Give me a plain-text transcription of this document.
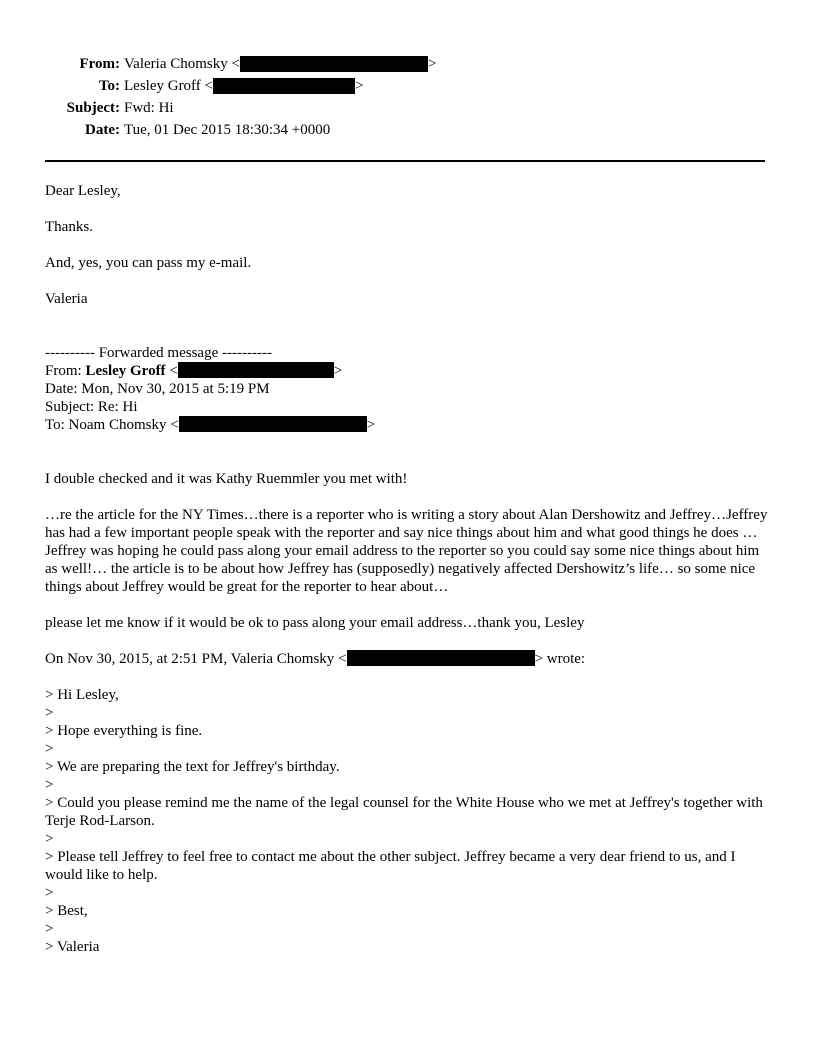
From: Valeria Chomsky <	>
To: Lesley Groff <	>
Subject: Fwd: Hi
Date: Tue, 01 Dec 2015 18:30:34 +0000

Dear Lesley,

Thanks.

And, yes, you can pass my e-mail.

Valeria

---------- Forwarded message ----------
From: Lesley Groff <	>
Date: Mon, Nov 30, 2015 at 5:19 PM
Subject: Re: Hi
To: Noam Chomsky <	>

I double checked and it was Kathy Ruemmler you met with!

…re the article for the NY Times…there is a reporter who is writing a story about Alan Dershowitz and Jeffrey…Jeffrey has had a few important people speak with the reporter and say nice things about him and what good things he does …Jeffrey was hoping he could pass along your email address to the reporter so you could say some nice things about him as well!… the article is to be about how Jeffrey has (supposedly) negatively affected Dershowitz’s life… so some nice things about Jeffrey would be great for the reporter to hear about…

please let me know if it would be ok to pass along your email address…thank you, Lesley

On Nov 30, 2015, at 2:51 PM, Valeria Chomsky <	> wrote:

> Hi Lesley,
>
> Hope everything is fine.
>
> We are preparing the text for Jeffrey's birthday.
>
> Could you please remind me the name of the legal counsel for the White House who we met at Jeffrey's together with Terje Rod-Larson.
>
> Please tell Jeffrey to feel free to contact me about the other subject. Jeffrey became a very dear friend to us, and I would like to help.
>
> Best,
>
> Valeria
